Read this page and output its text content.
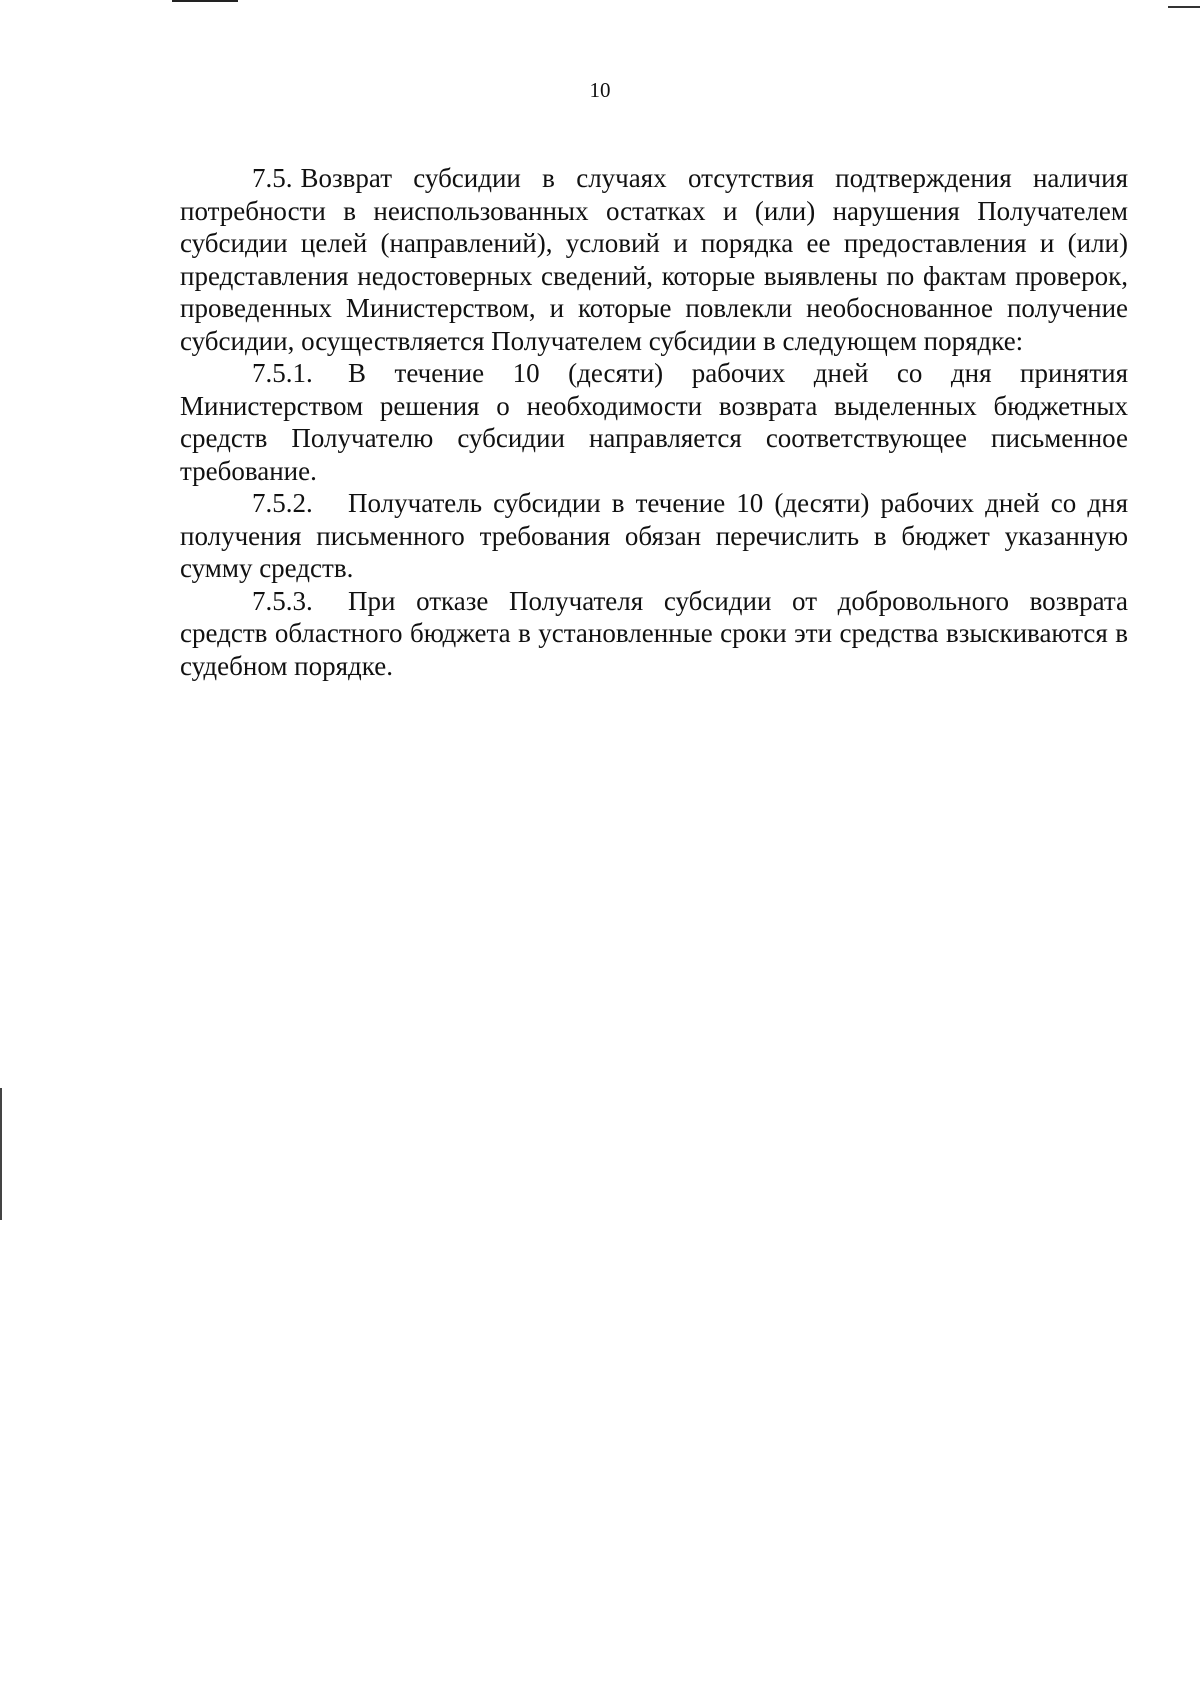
10

7.5. Возврат субсидии в случаях отсутствия подтверждения наличия потребности в неиспользованных остатках и (или) нарушения Получателем субсидии целей (направлений), условий и порядка ее предоставления и (или) представления недостоверных сведений, которые выявлены по фактам проверок, проведенных Министерством, и которые повлекли необоснованное получение субсидии, осуществляется Получателем субсидии в следующем порядке:

7.5.1. В течение 10 (десяти) рабочих дней со дня принятия Министерством решения о необходимости возврата выделенных бюджетных средств Получателю субсидии направляется соответствующее письменное требование.

7.5.2. Получатель субсидии в течение 10 (десяти) рабочих дней со дня получения письменного требования обязан перечислить в бюджет указанную сумму средств.

7.5.3. При отказе Получателя субсидии от добровольного возврата средств областного бюджета в установленные сроки эти средства взыскиваются в судебном порядке.
